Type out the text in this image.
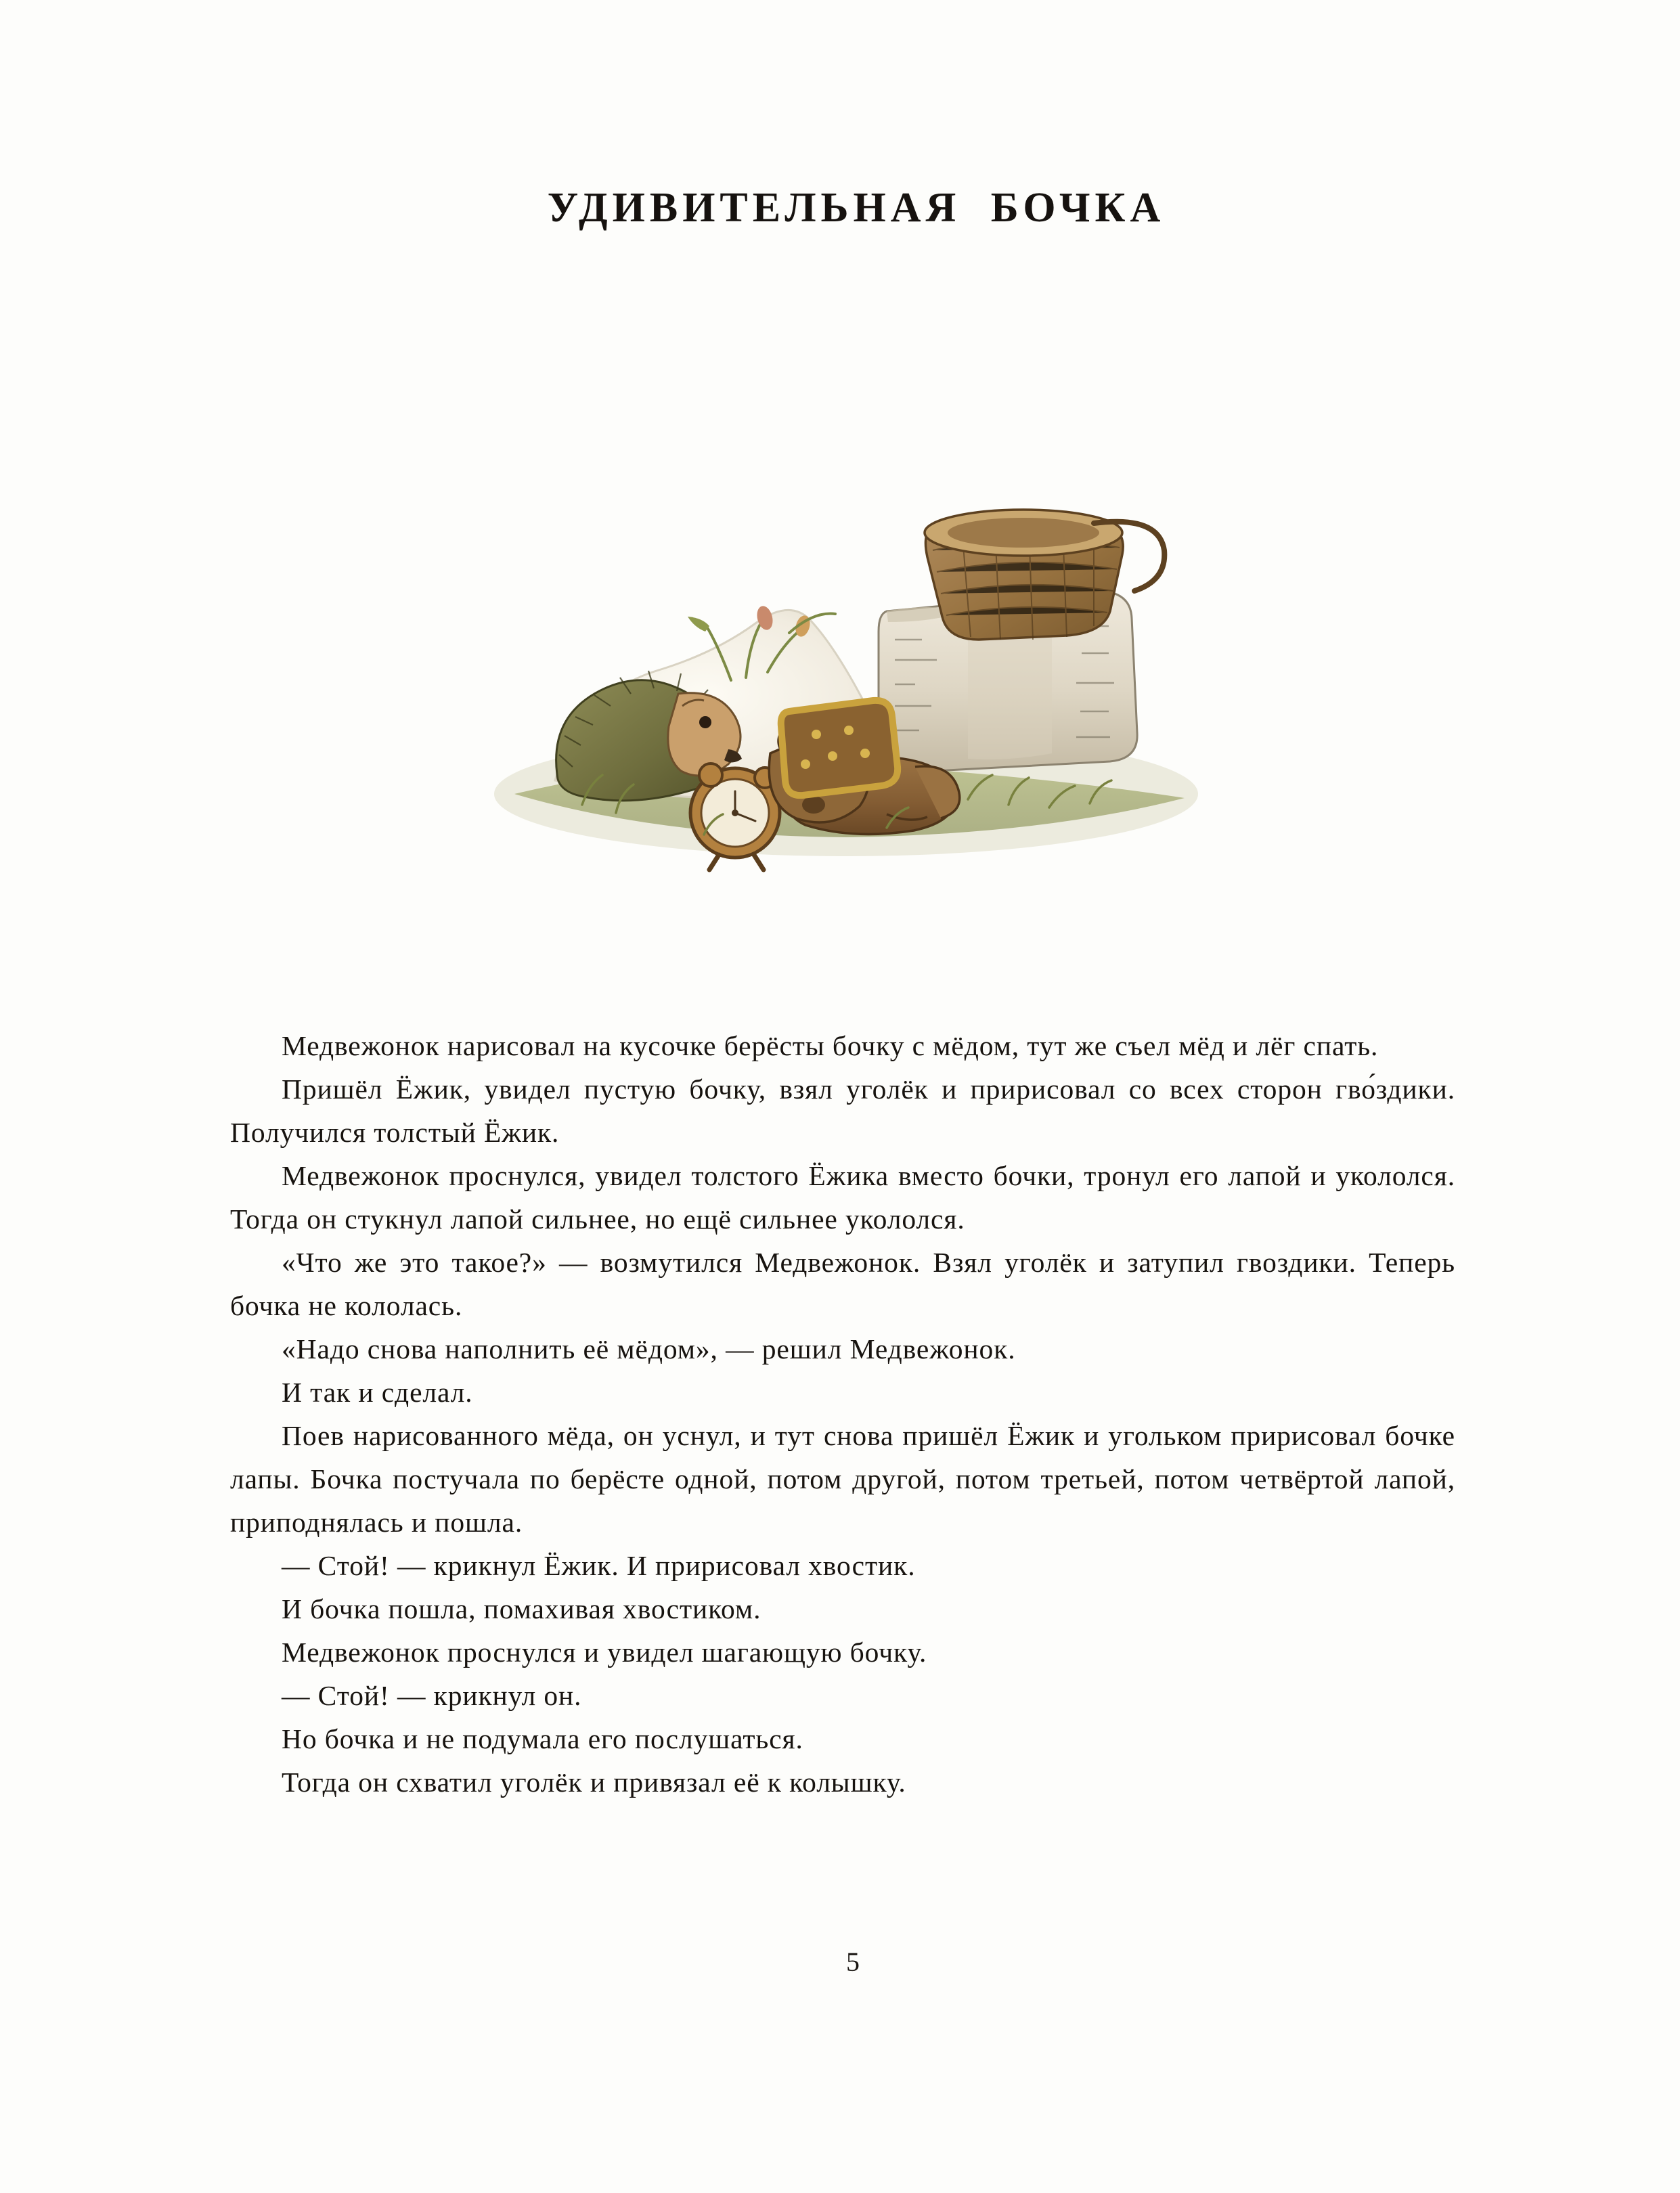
УДИВИТЕЛЬНАЯ БОЧКА

Медвежонок нарисовал на кусочке берёсты бочку с мёдом, тут же съел мёд и лёг спать.

Пришёл Ёжик, увидел пустую бочку, взял уголёк и пририсовал со всех сторон гво́здики. Получился толстый Ёжик.

Медвежонок проснулся, увидел толстого Ёжика вместо бочки, тронул его лапой и укололся. Тогда он стукнул лапой сильнее, но ещё сильнее укололся.

«Что же это такое?» — возмутился Медвежонок. Взял уголёк и затупил гвоздики. Теперь бочка не кололась.

«Надо снова наполнить её мёдом», — решил Медвежонок.

И так и сделал.

Поев нарисованного мёда, он уснул, и тут снова пришёл Ёжик и угольком пририсовал бочке лапы. Бочка постучала по берёсте одной, потом другой, потом третьей, потом четвёртой лапой, приподнялась и пошла.

— Стой! — крикнул Ёжик. И пририсовал хвостик.

И бочка пошла, помахивая хвостиком.

Медвежонок проснулся и увидел шагающую бочку.

— Стой! — крикнул он.

Но бочка и не подумала его послушаться.

Тогда он схватил уголёк и привязал её к колышку.

5
